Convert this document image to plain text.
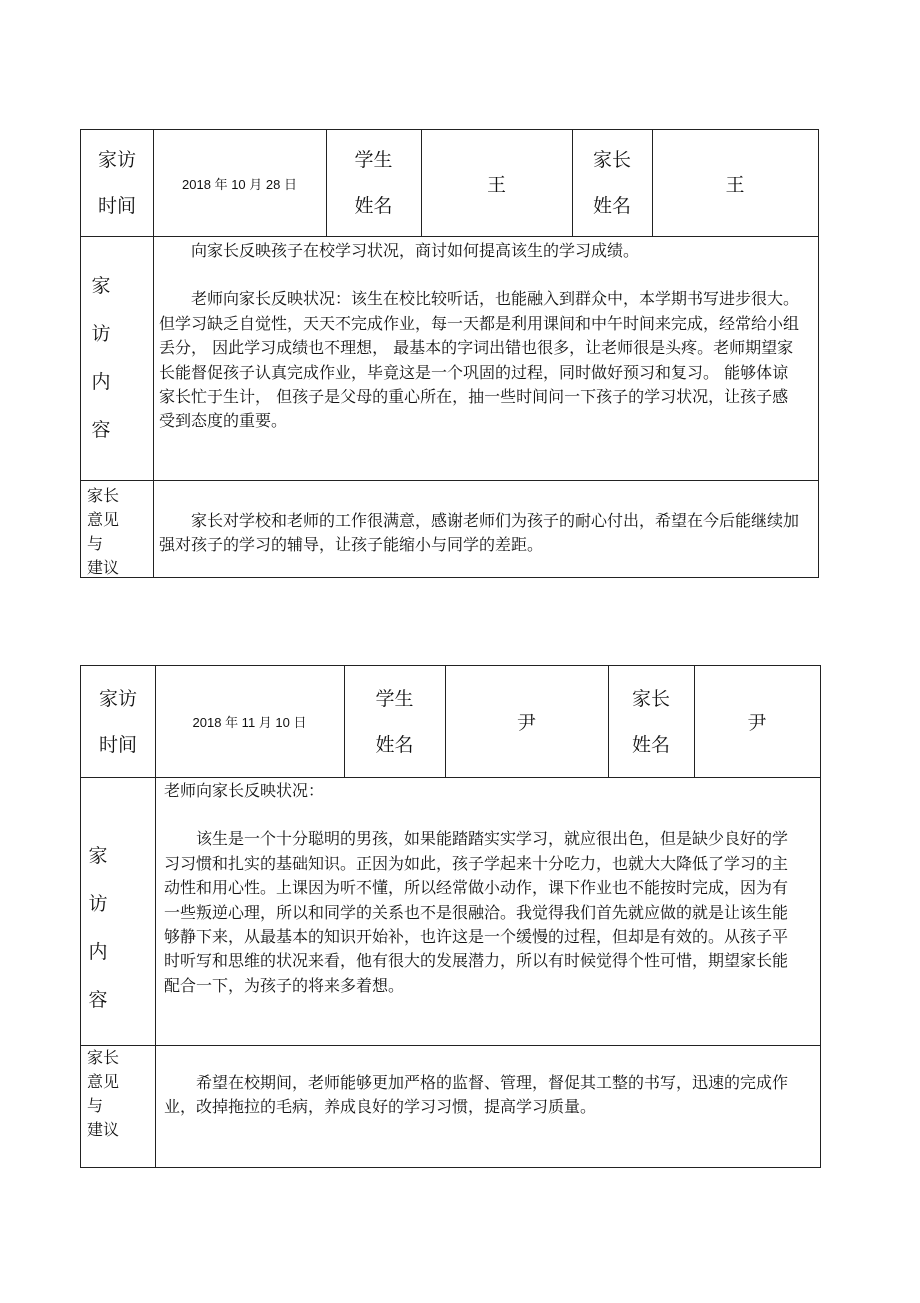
家访
时间
2018 年 10 月 28 日
学生
姓名
王
家长
姓名
王
家
访
内
容

向家长反映孩子在校学习状况，商讨如何提高该生的学习成绩。

老师向家长反映状况：该生在校比较听话，也能融入到群众中，本学期书写进步很大。但学习缺乏自觉性，天天不完成作业，每一天都是利用课间和中午时间来完成，经常给小组丢分， 因此学习成绩也不理想， 最基本的字词出错也很多，让老师很是头疼。老师期望家长能督促孩子认真完成作业，毕竟这是一个巩固的过程，同时做好预习和复习。 能够体谅家长忙于生计， 但孩子是父母的重心所在，抽一些时间问一下孩子的学习状况，让孩子感受到态度的重要。

家长
意见
与
建议

家长对学校和老师的工作很满意，感谢老师们为孩子的耐心付出，希望在今后能继续加强对孩子的学习的辅导，让孩子能缩小与同学的差距。

家访
时间
2018 年 11 月 10 日
学生
姓名
尹
家长
姓名
尹
家
访
内
容

老师向家长反映状况：

该生是一个十分聪明的男孩，如果能踏踏实实学习，就应很出色，但是缺少良好的学习习惯和扎实的基础知识。正因为如此，孩子学起来十分吃力，也就大大降低了学习的主动性和用心性。上课因为听不懂，所以经常做小动作，课下作业也不能按时完成，因为有一些叛逆心理，所以和同学的关系也不是很融洽。我觉得我们首先就应做的就是让该生能够静下来，从最基本的知识开始补，也许这是一个缓慢的过程，但却是有效的。从孩子平时听写和思维的状况来看，他有很大的发展潜力，所以有时候觉得个性可惜，期望家长能配合一下，为孩子的将来多着想。

家长
意见
与
建议

希望在校期间，老师能够更加严格的监督、管理，督促其工整的书写，迅速的完成作业，改掉拖拉的毛病，养成良好的学习习惯，提高学习质量。
